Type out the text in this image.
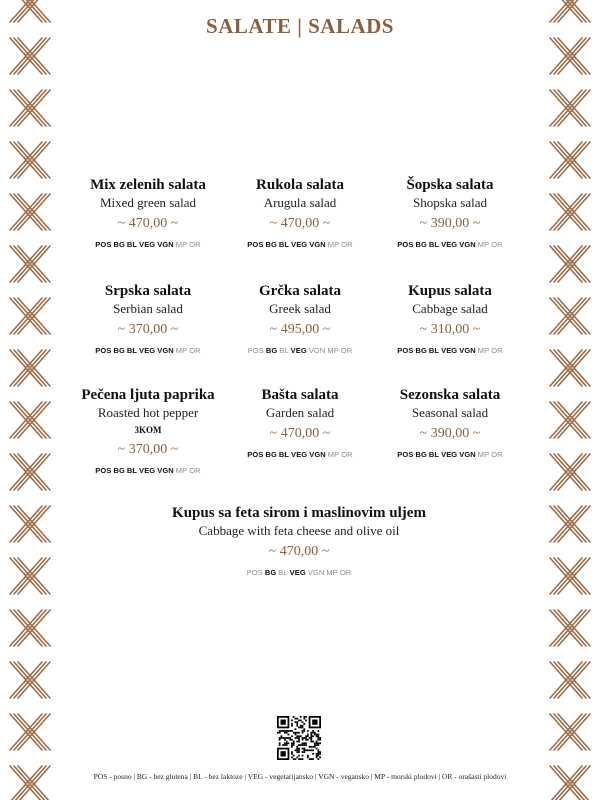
SALATE | SALADS
Mix zelenih salata
Mixed green salad
~ 470,00 ~
POS BG BL VEG VGN MP OR
Rukola salata
Arugula salad
~ 470,00 ~
POS BG BL VEG VGN MP OR
Šopska salata
Shopska salad
~ 390,00 ~
POS BG BL VEG VGN MP OR
Srpska salata
Serbian salad
~ 370,00 ~
POS BG BL VEG VGN MP OR
Grčka salata
Greek salad
~ 495,00 ~
POS BG BL VEG VGN MP OR
Kupus salata
Cabbage salad
~ 310,00 ~
POS BG BL VEG VGN MP OR
Pečena ljuta paprika
Roasted hot pepper
3KOM
~ 370,00 ~
POS BG BL VEG VGN MP OR
Bašta salata
Garden salad
~ 470,00 ~
POS BG BL VEG VGN MP OR
Sezonska salata
Seasonal salad
~ 390,00 ~
POS BG BL VEG VGN MP OR
Kupus sa feta sirom i maslinovim uljem
Cabbage with feta cheese and olive oil
~ 470,00 ~
POS BG BL VEG VGN MP OR
POS - posno | BG - bez glutena | BL - bez laktoze | VEG - vegetarijansko | VGN - vegansko | MP - morski plodovi | OR - orašasti plodovi
